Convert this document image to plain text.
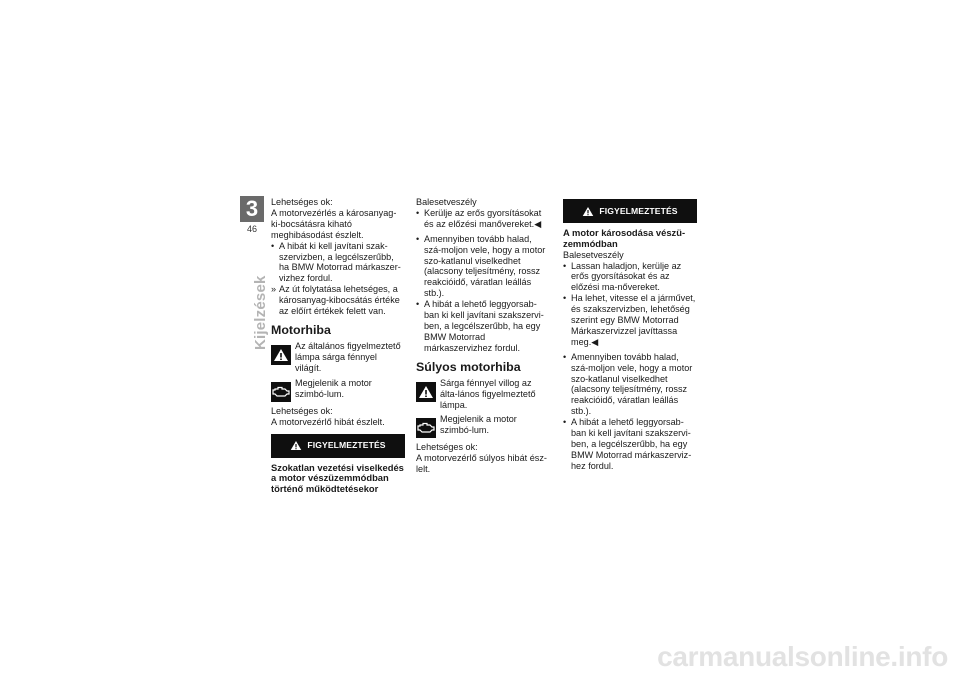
3
46
Kijelzések

Lehetséges ok:

A motorvezérlés a károsanyag-ki-bocsátásra kiható meghibásodást észlelt.

• A hibát ki kell javítani szak-szervizben, a legcélszerűbb, ha BMW Motorrad márkaszer-vizhez fordul.
» Az út folytatása lehetséges, a károsanyag-kibocsátás értéke az előírt értékek felett van.
Motorhiba
Az általános figyelmeztető lámpa sárga fénnyel világít.
Megjelenik a motor szimbó-lum.

Lehetséges ok:

A motorvezérlő hibát észlelt.

FIGYELMEZTETÉS

Szokatlan vezetési viselkedés a motor vészüzemmódban történő működtetésekor

Balesetveszély

• Kerülje az erős gyorsításokat és az előzési manővereket.◀
• Amennyiben tovább halad, szá-moljon vele, hogy a motor szo-katlanul viselkedhet (alacsony teljesítmény, rossz reakcióidő, váratlan leállás stb.).
• A hibát a lehető leggyorsab-ban ki kell javítani szakszervi-ben, a legcélszerűbb, ha egy BMW Motorrad márkaszervizhez fordul.
Súlyos motorhiba
Sárga fénnyel villog az álta-lános figyelmeztető lámpa.
Megjelenik a motor szimbó-lum.

Lehetséges ok:

A motorvezérlő súlyos hibát ész-lelt.

FIGYELMEZTETÉS

A motor károsodása vészü-zemmódban

Balesetveszély

• Lassan haladjon, kerülje az erős gyorsításokat és az előzési ma-nővereket.
• Ha lehet, vitesse el a járművet, és szakszervizben, lehetőség szerint egy BMW Motorrad Márkaszervizzel javíttassa meg.◀
• Amennyiben tovább halad, szá-moljon vele, hogy a motor szo-katlanul viselkedhet (alacsony teljesítmény, rossz reakcióidő, váratlan leállás stb.).
• A hibát a lehető leggyorsab-ban ki kell javítani szakszervi-ben, a legcélszerűbb, ha egy BMW Motorrad márkaszerviz-hez fordul.
carmanualsonline.info
